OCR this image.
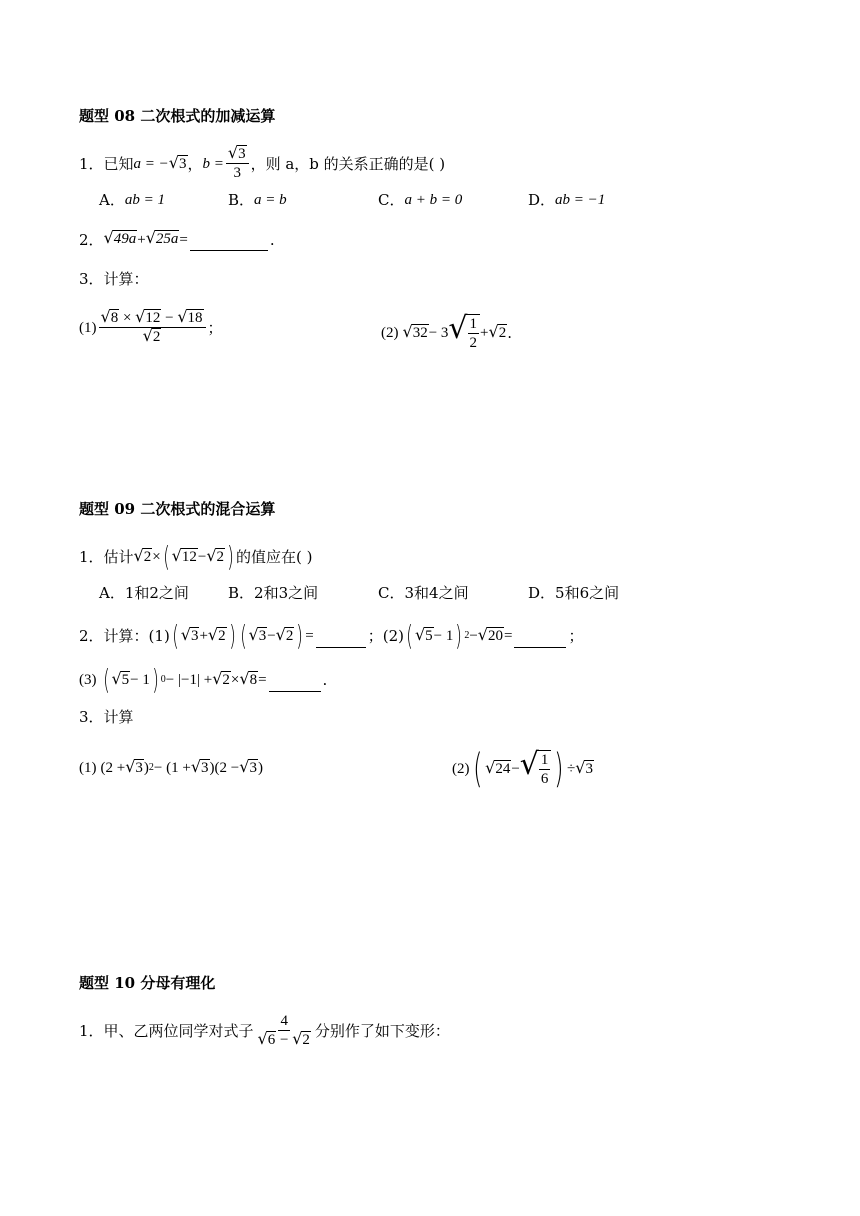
题型 08 二次根式的加减运算
1．已知 a = − √ 3 ， $b = \frac{√ 3}{3}$ ，则 a，b 的关系正确的是( )
A． ab = 1	B． a = b	C． a + b = 0	D． ab = −1
2． √ 49a + √ 25a =
	.
3．计算：
$(1) \frac{√ 8 \times √ 12 - √ 18}{√ 2}$ ；	(2) √ 32 − 3 √ $\frac{1}{2}$ + √ 2 .
题型 09 二次根式的混合运算
1．估计 √ 2 × ( √ 12 − √ 2 ) 的值应在( )
A．1和2之间	B．2和3之间	C．3和4之间	D．5和6之间
2．计算：(1) ( √ 3 + √ 2 ) ( √ 3 − √ 2 ) =
	；(2) ( √ 5 − 1 ) 2 − √ 20 =
	；
(3) ( √ 5 − 1 ) 0 − |−1| + √ 2 × √ 8 =
	.
3．计算
(1) (2 + √ 3 ) 2 − (1 + √ 3 )(2 − √ 3 )	(2) ( √ 24 − √ $\frac{1}{6}$ ) ÷ √ 3
题型 10 分母有理化
1．甲、乙两位同学对式子 $\frac{4}{√ 6 - √ 2}$ 分别作了如下变形：
